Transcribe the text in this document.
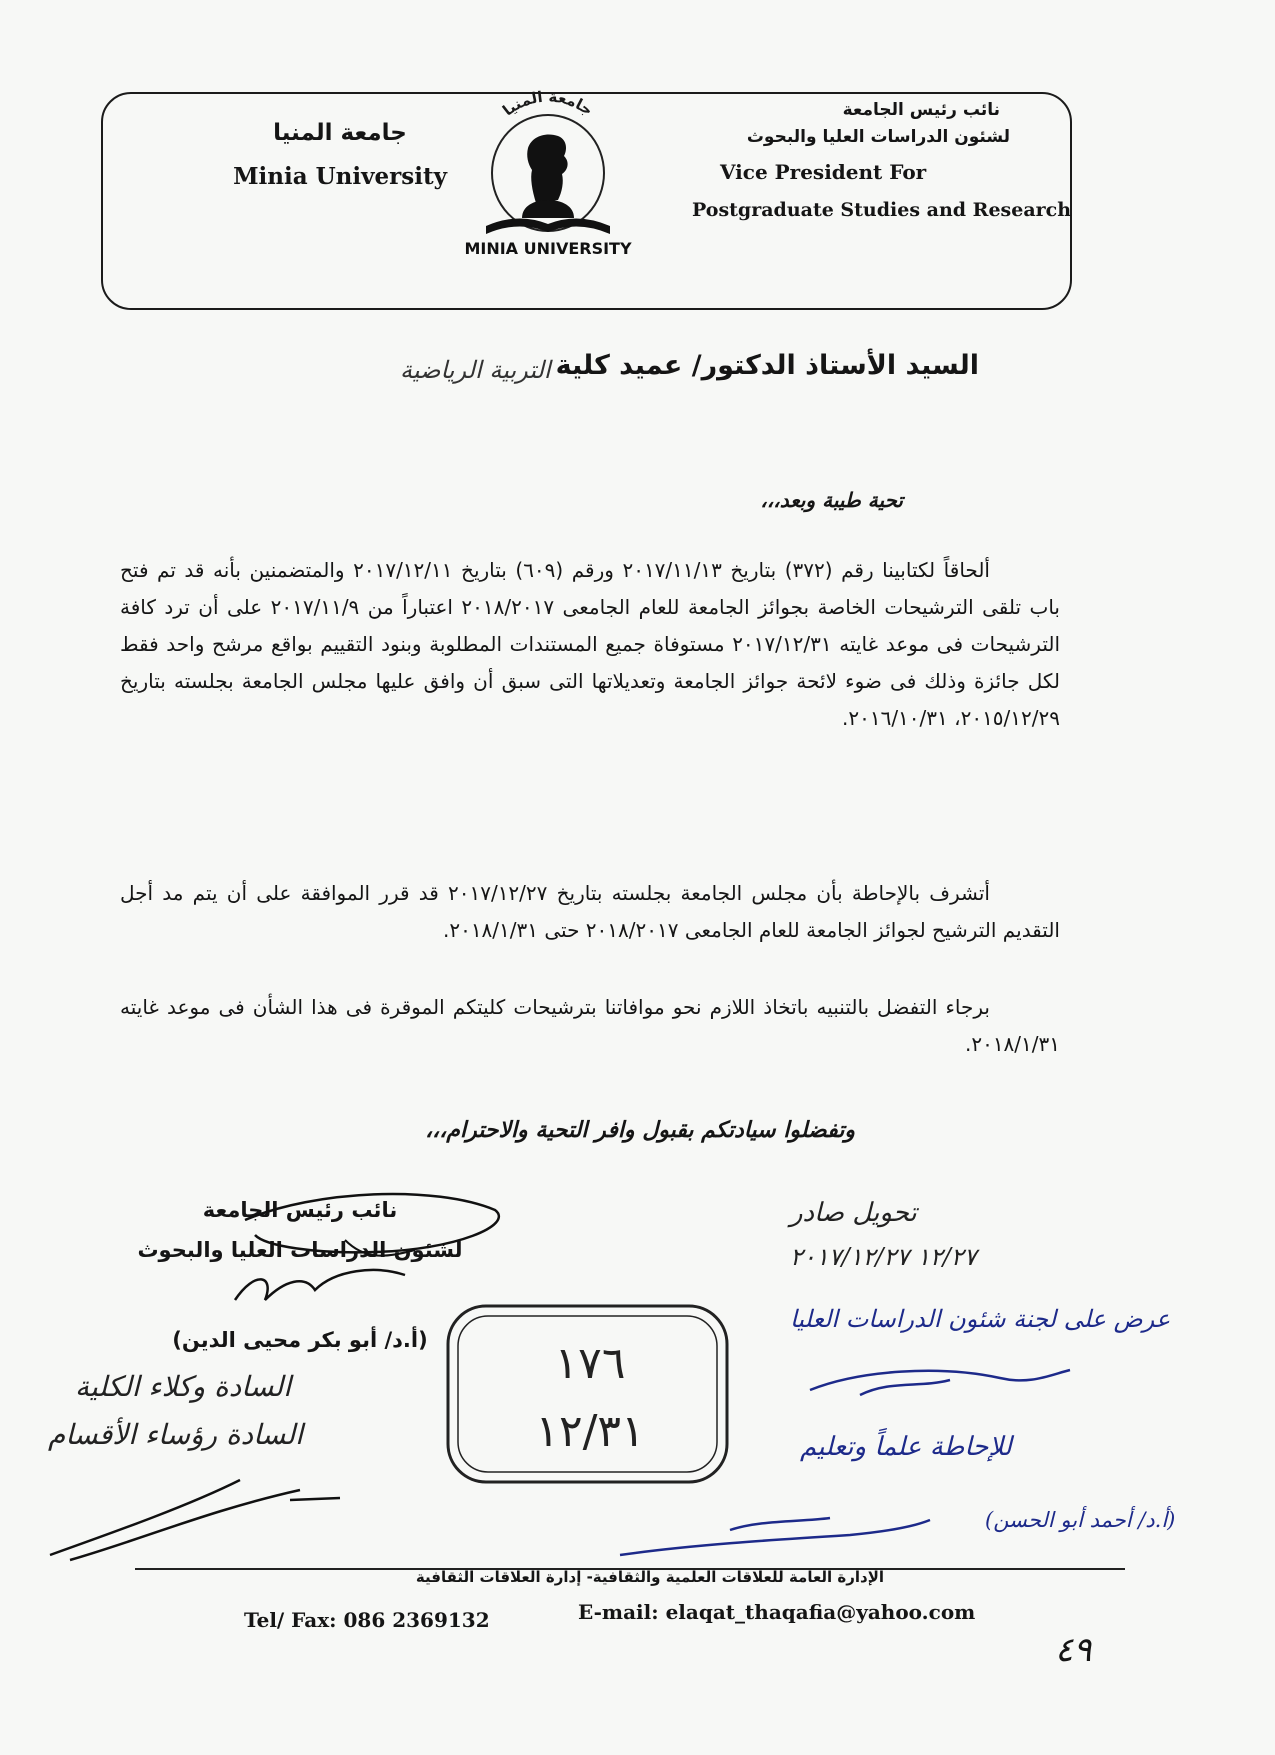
جامعة المنيا
Minia University
جامعة المنيا
MINIA UNIVERSITY
نائب رئيس الجامعة
لشئون الدراسات العليا والبحوث
Vice President For
Postgraduate Studies and Research
السيد الأستاذ الدكتور/ عميد كلية
التربية الرياضية
تحية طيبة وبعد،،،

ألحاقاً لكتابينا رقم (٣٧٢) بتاريخ ٢٠١٧/١١/١٣ ورقم (٦٠٩) بتاريخ ٢٠١٧/١٢/١١ والمتضمنين بأنه قد تم فتح باب تلقى الترشيحات الخاصة بجوائز الجامعة للعام الجامعى ٢٠١٨/٢٠١٧ اعتباراً من ٢٠١٧/١١/٩ على أن ترد كافة الترشيحات فى موعد غايته ٢٠١٧/١٢/٣١ مستوفاة جميع المستندات المطلوبة وبنود التقييم بواقع مرشح واحد فقط لكل جائزة وذلك فى ضوء لائحة جوائز الجامعة وتعديلاتها التى سبق أن وافق عليها مجلس الجامعة بجلسته بتاريخ ٢٠١٥/١٢/٢٩، ٢٠١٦/١٠/٣١.

أتشرف بالإحاطة بأن مجلس الجامعة بجلسته بتاريخ ٢٠١٧/١٢/٢٧ قد قرر الموافقة على أن يتم مد أجل التقديم الترشيح لجوائز الجامعة للعام الجامعى ٢٠١٨/٢٠١٧ حتى ٢٠١٨/١/٣١.

برجاء التفضل بالتنبيه باتخاذ اللازم نحو موافاتنا بترشيحات كليتكم الموقرة فى هذا الشأن فى موعد غايته ٢٠١٨/١/٣١.

وتفضلوا سيادتكم بقبول وافر التحية والاحترام،،،
نائب رئيس الجامعة
لشئون الدراسات العليا والبحوث
(أ.د/ أبو بكر محيى الدين)
السادة وكلاء الكلية
السادة رؤساء الأقسام
تحويل صادر
١٢/٢٧ ٢٠١٧/١٢/٢٧
عرض على لجنة شئون الدراسات العليا
للإحاطة علماً وتعليم
(أ.د/ أحمد أبو الحسن)
١٧٦
١٢/٣١
الإدارة العامة للعلاقات العلمية والثقافية- إدارة العلاقات الثقافية
Tel/ Fax: 086 2369132	E-mail: elaqat_thaqafia@yahoo.com
٤٩
